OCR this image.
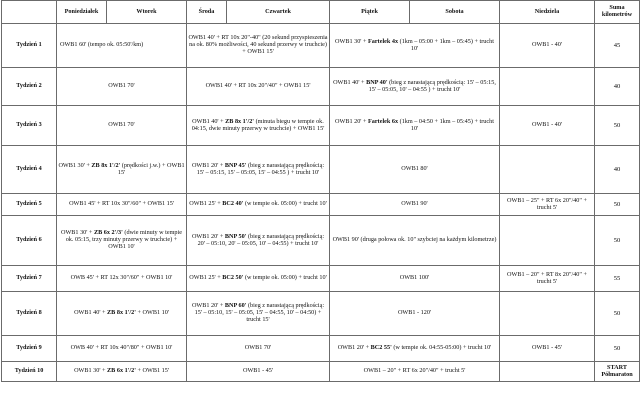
	Poniedziałek	Wtorek	Środa	Czwartek	Piątek	Sobota	Niedziela	Suma kilometrów	
Tydzień 1	OWB1 60' (tempo ok. 05:50'/km)		OWB1 40' + RT 10x 20"-40" (20 sekund przyspieszenia na ok. 80% możliwości, 40 sekund przerwy w truchcie) + OWB1 15'		OWB1 30' + Fartelek 4x (1km – 05:00 + 1km – 05:45) + trucht 10'		OWB1 - 40'	45	
Tydzień 2	OWB1 70'		OWB1 40' + RT 10x 20"/40" + OWB1 15'		OWB1 40' + BNP 40' (bieg z narastającą prędkością: 15' – 05:15, 15' – 05:05, 10' – 04:55 ) + trucht 10'			40	
Tydzień 3	OWB1 70'		OWB1 40' + ZB 8x 1'/2' (minuta biegu w tempie ok. 04:15, dwie minuty przerwy w truchcie) + OWB1 15'		OWB1 20' + Fartelek 6x (1km – 04:50 + 1km – 05:45) + trucht 10'		OWB1 - 40'	50	
Tydzień 4	OWB1 30' + ZB 8x 1'/2' (prędkości j.w.) + OWB1 15'		OWB1 20' + BNP 45' (bieg z narastającą prędkością: 15' – 05:15, 15' – 05:05, 15' – 04:55 ) + trucht 10'		OWB1 80'			40	
Tydzień 5	OWB1 45' + RT 10x 30"/60" + OWB1 15'		OWB1 25' + BC2 40' (w tempie ok. 05:00) + trucht 10'		OWB1 90'		OWB1 – 25" + RT 6x 20"/40" + trucht 5'	50	
Tydzień 6	OWB1 30' + ZB 6x 2'/3' (dwie minuty w tempie ok. 05:15, trzy minuty przerwy w truchcie) + OWB1 10'		OWB1 20' + BNP 50' (bieg z narastającą prędkością: 20' – 05:10, 20' – 05:05, 10' – 04:55) + trucht 10'		OWB1 90' (druga połowa ok. 10" szybciej na każdym kilometrze)			50	
Tydzień 7	OWB 45' + RT 12x 30"/60" + OWB1 10'		OWB1 25' + BC2 50' (w tempie ok. 05:00) + trucht 10'		OWB1 100'		OWB1 – 20" + RT 8x 20"/40" + trucht 5'	55	
Tydzień 8	OWB1 40' + ZB 8x 1'/2' + OWB1 10'		OWB1 20' + BNP 60' (bieg z narastającą prędkością: 15' – 05:10, 15' – 05:05, 15' – 04:55, 10' – 04:50) + trucht 15'		OWB1 - 120'			50	
Tydzień 9	OWB 40' + RT 10x 40"/80" + OWB1 10'		OWB1 70'		OWB1 20' + BC2 55' (w tempie ok. 04:55-05:00) + trucht 10'		OWB1 - 45'	50	
Tydzień 10	OWB1 30' + ZB 6x 1'/2' + OWB1 15'		OWB1 - 45'		OWB1 – 20" + RT 6x 20"/40" + trucht 5'			START
Półmaraton	
